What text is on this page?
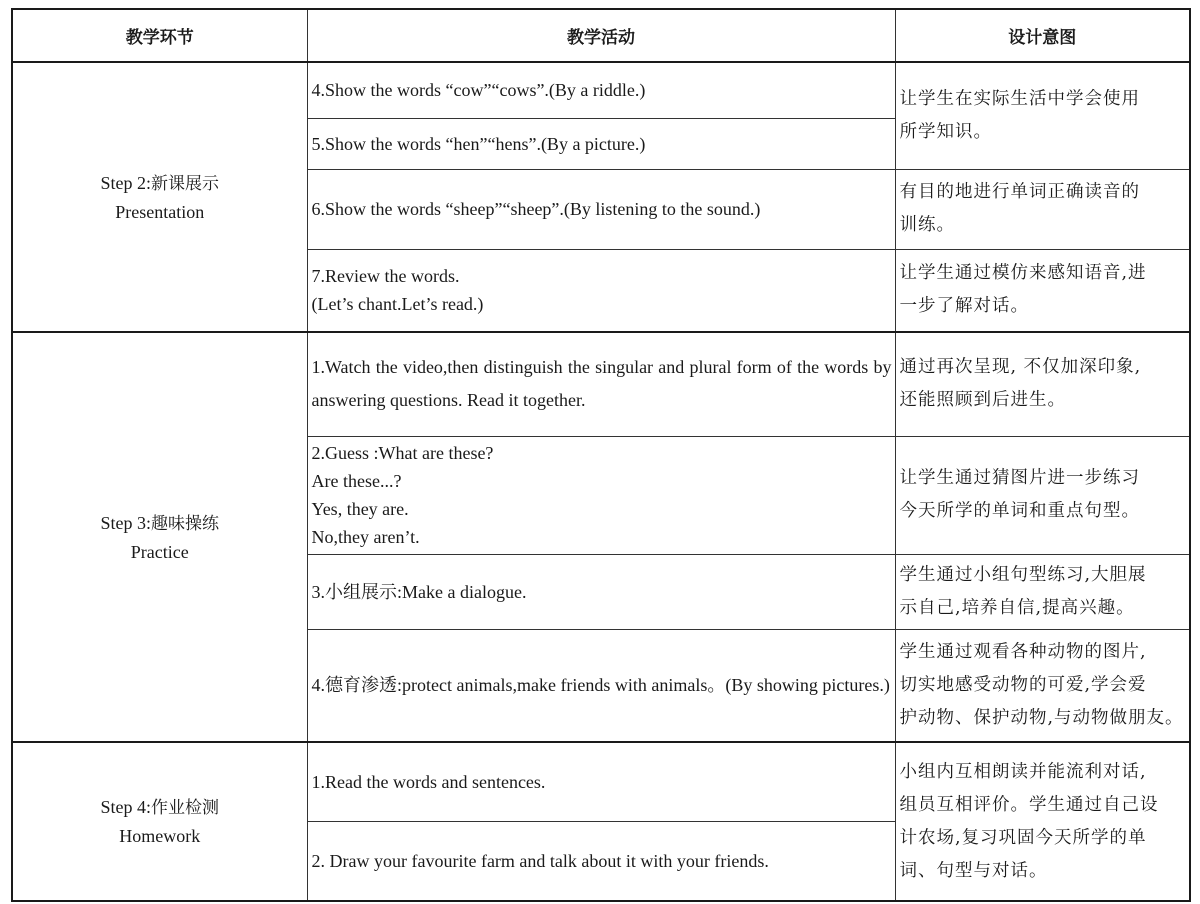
教学环节	教学活动	设计意图

Step 2:新课展示
Presentation	4.Show the words “cow”“cows”.(By a riddle.)	让学生在实际生活中学会使用
所学知识。

	5.Show the words “hen”“hens”.(By a picture.)	

	6.Show the words “sheep”“sheep”.(By listening to the sound.)	有目的地进行单词正确读音的
训练。

	7.Review the words.
(Let’s chant.Let’s read.)	让学生通过模仿来感知语音,进
一步了解对话。

Step 3:趣味操练
Practice	1.Watch the video,then distinguish the singular and plural form of the words by answering questions. Read it together.	通过再次呈现, 不仅加深印象,
还能照顾到后进生。

	2.Guess :What are these?
Are these...?
Yes, they are.
No,they aren’t.	让学生通过猜图片进一步练习
今天所学的单词和重点句型。

	3.小组展示:Make a dialogue.	学生通过小组句型练习,大胆展
示自己,培养自信,提高兴趣。

	4.德育渗透:protect animals,make friends with animals。(By showing pictures.)	学生通过观看各种动物的图片,
切实地感受动物的可爱,学会爱
护动物、保护动物,与动物做朋友。

Step 4:作业检测
Homework	1.Read the words and sentences.	小组内互相朗读并能流利对话,
组员互相评价。学生通过自己设
计农场,复习巩固今天所学的单
词、句型与对话。

	2. Draw your favourite farm and talk about it with your friends.	
